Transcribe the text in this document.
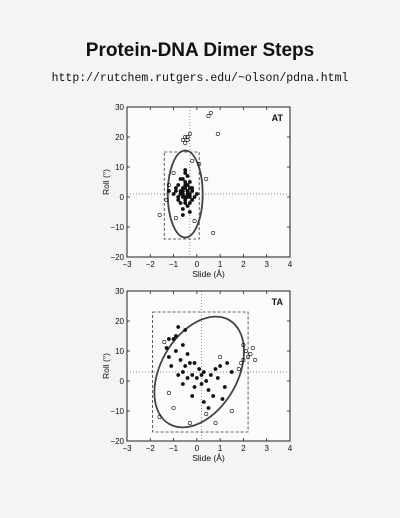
Protein-DNA Dimer Steps
http://rutchem.rutgers.edu/~olson/pdna.html
−3 −2 −1 0 1 2 3 4
−20
−10
0
10
20
30
AT
Slide (Å)
Roll (°)
−3 −2 −1 0 1 2 3 4
−20
−10
0
10
20
30
TA
Slide (Å)
Roll (°)
